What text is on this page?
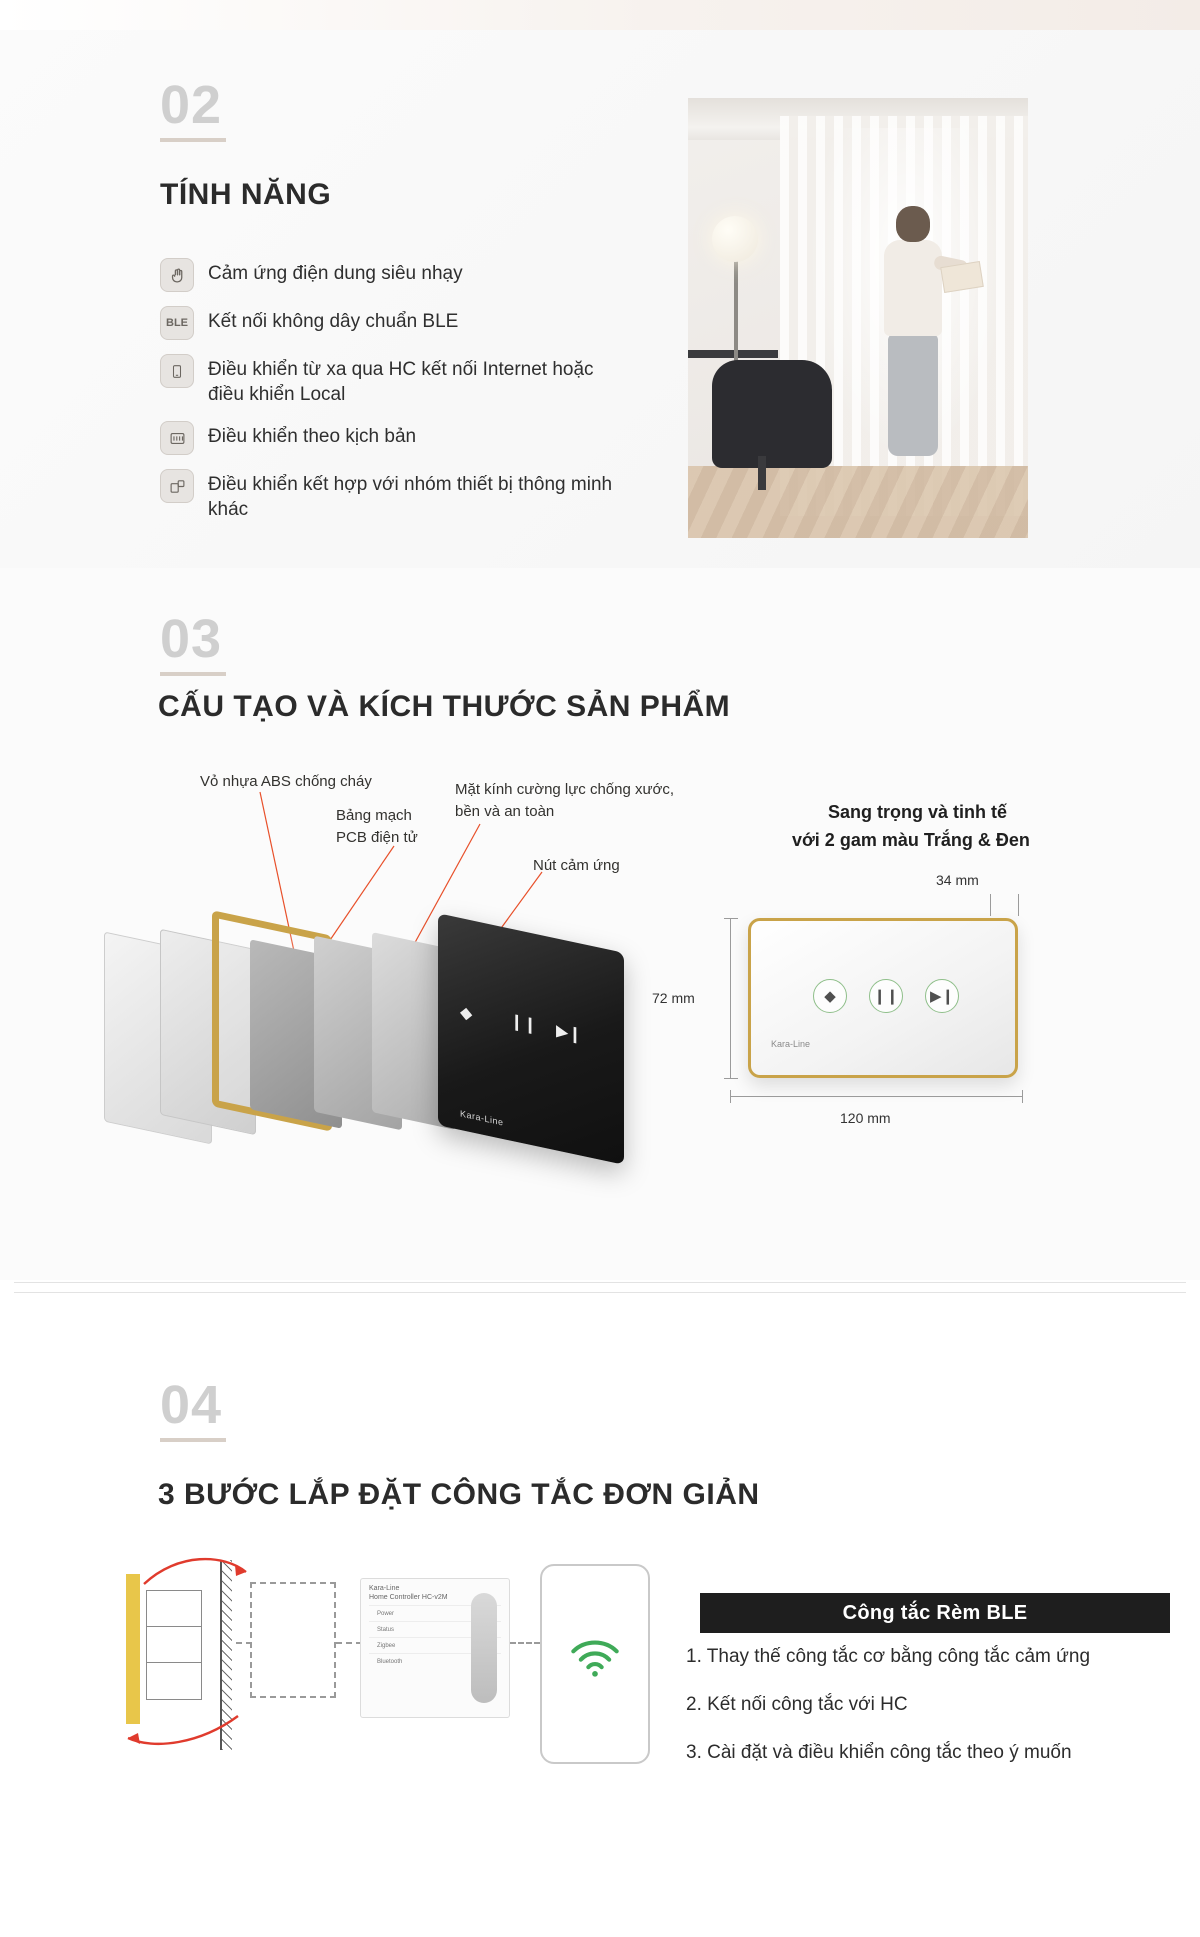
02
TÍNH NĂNG
Cảm ứng điện dung siêu nhạy
BLE Kết nối không dây chuẩn BLE
Điều khiển từ xa qua HC kết nối Internet hoặc điều khiển Local
Điều khiển theo kịch bản
Điều khiển kết hợp với nhóm thiết bị thông minh khác
03
CẤU TẠO VÀ KÍCH THƯỚC SẢN PHẨM
Vỏ nhựa ABS chống cháy
Bảng mạch
PCB điện tử
Mặt kính cường lực chống xước,
bền và an toàn
Nút cảm ứng
Sang trọng và tinh tế
với 2 gam màu Trắng & Đen
◆ ❙❙ ▶❙
Kara-Line
◆	❙❙	▶❙
Kara-Line
34 mm
72 mm
120 mm
04
3 BƯỚC LẮP ĐẶT CÔNG TẮC ĐƠN GIẢN
Kara-Line
Home Controller HC-v2M
Power
Status
Zigbee
Bluetooth
Công tắc Rèm BLE
1. Thay thế công tắc cơ bằng công tắc cảm ứng
2. Kết nối công tắc với HC
3. Cài đặt và điều khiển công tắc theo ý muốn
